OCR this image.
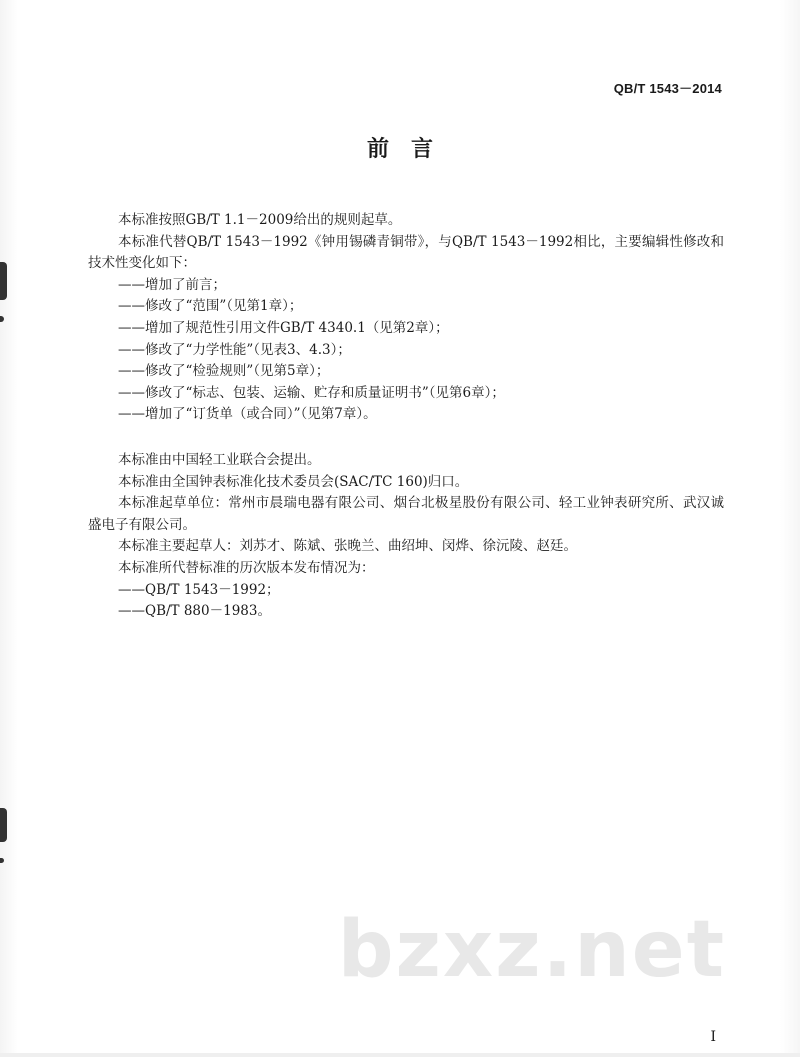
QB/T 1543－2014
前言

本标准按照GB/T 1.1－2009给出的规则起草。

本标准代替QB/T 1543－1992《钟用锡磷青铜带》，与QB/T 1543－1992相比，主要编辑性修改和技术性变化如下：

——增加了前言；

——修改了“范围”（见第1章）；

——增加了规范性引用文件GB/T 4340.1（见第2章）；

——修改了“力学性能”（见表3、4.3）；

——修改了“检验规则”（见第5章）；

——修改了“标志、包装、运输、贮存和质量证明书”（见第6章）；

——增加了“订货单（或合同）”（见第7章）。

本标准由中国轻工业联合会提出。

本标准由全国钟表标准化技术委员会(SAC/TC 160)归口。

本标准起草单位：常州市晨瑞电器有限公司、烟台北极星股份有限公司、轻工业钟表研究所、武汉诚盛电子有限公司。

本标准主要起草人：刘苏才、陈斌、张晚兰、曲绍坤、闵烨、徐沅陵、赵廷。

本标准所代替标准的历次版本发布情况为：

——QB/T 1543－1992；

——QB/T 880－1983。

bzxz.net
I
